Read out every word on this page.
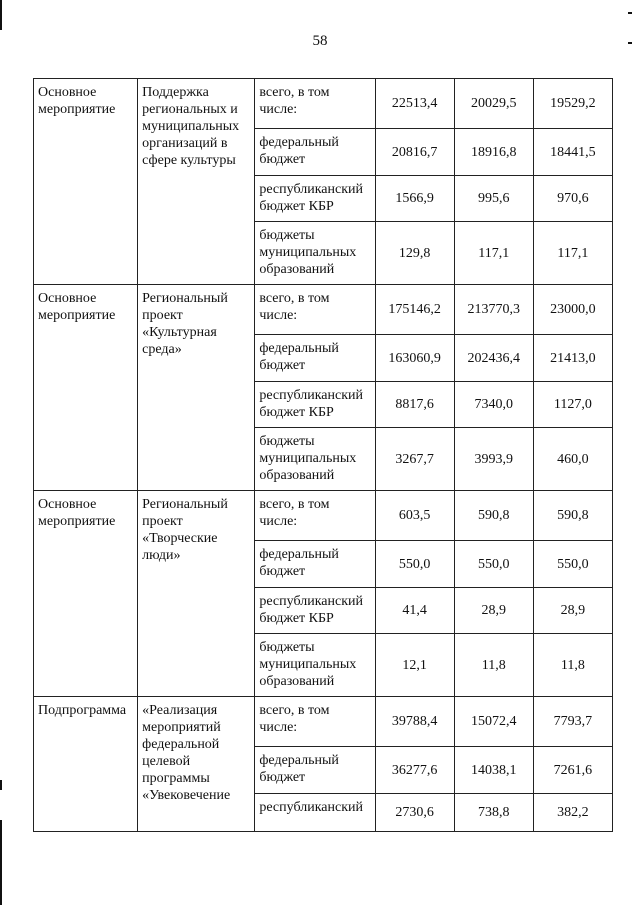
58
Основное мероприятие	Поддержка региональных и муниципальных организаций в сфере культуры	всего, в том числе:	22513,4	20029,5	19529,2
		федеральный бюджет	20816,7	18916,8	18441,5
		республиканский бюджет КБР	1566,9	995,6	970,6
		бюджеты муниципальных образований	129,8	117,1	117,1
Основное мероприятие	Региональный проект «Культурная среда»	всего, в том числе:	175146,2	213770,3	23000,0
		федеральный бюджет	163060,9	202436,4	21413,0
		республиканский бюджет КБР	8817,6	7340,0	1127,0
		бюджеты муниципальных образований	3267,7	3993,9	460,0
Основное мероприятие	Региональный проект «Творческие люди»	всего, в том числе:	603,5	590,8	590,8
		федеральный бюджет	550,0	550,0	550,0
		республиканский бюджет КБР	41,4	28,9	28,9
		бюджеты муниципальных образований	12,1	11,8	11,8
Подпрограмма	«Реализация мероприятий федеральной целевой программы «Увековечение	всего, в том числе:	39788,4	15072,4	7793,7
		федеральный бюджет	36277,6	14038,1	7261,6
		республиканский	2730,6	738,8	382,2
